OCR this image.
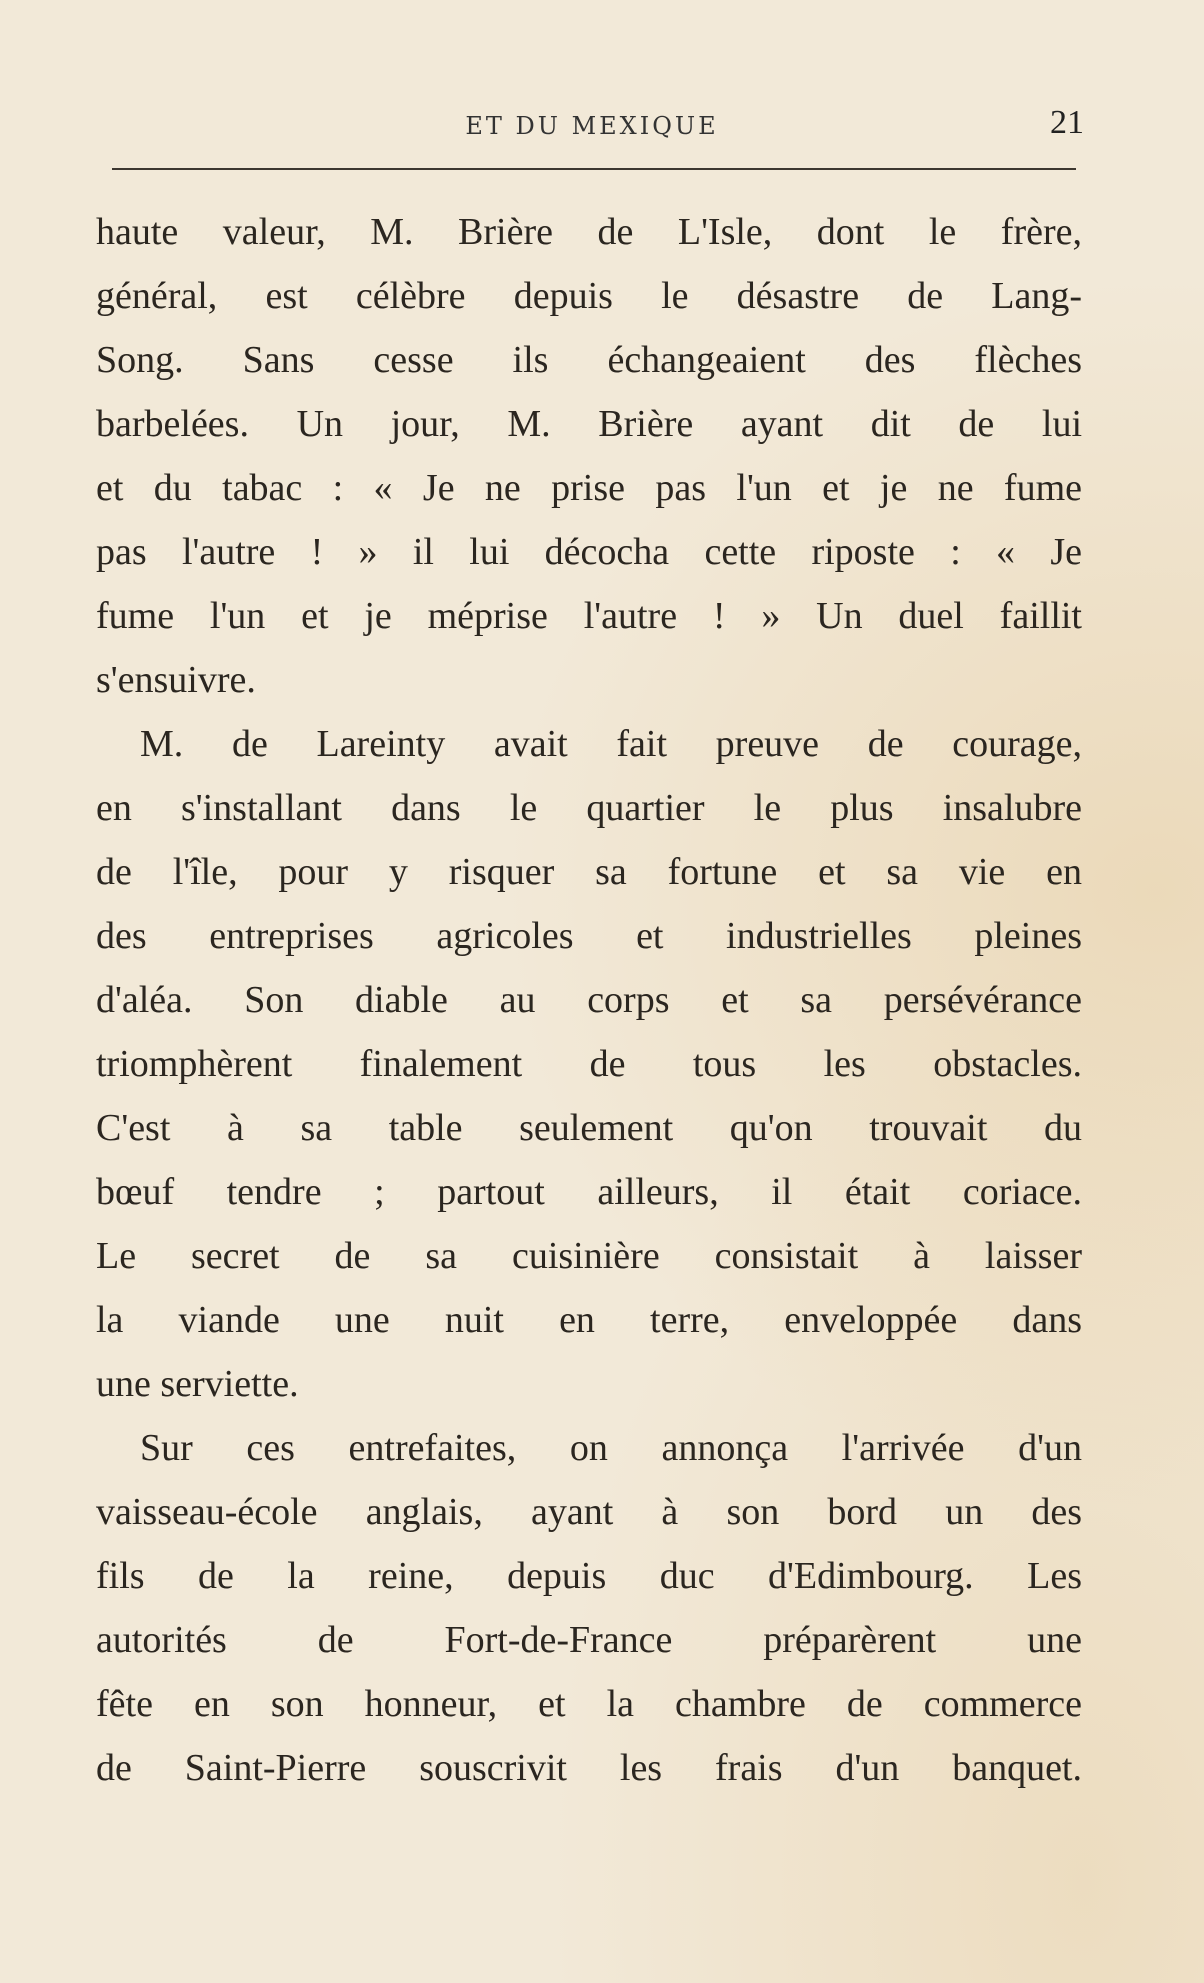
ET DU MEXIQUE	21
haute valeur, M. Brière de L'Isle, dont le frère,
général, est célèbre depuis le désastre de Lang-
Song. Sans cesse ils échangeaient des flèches
barbelées. Un jour, M. Brière ayant dit de lui
et du tabac : « Je ne prise pas l'un et je ne fume
pas l'autre ! » il lui décocha cette riposte : « Je
fume l'un et je méprise l'autre ! » Un duel faillit
s'ensuivre.
M. de Lareinty avait fait preuve de courage,
en s'installant dans le quartier le plus insalubre
de l'île, pour y risquer sa fortune et sa vie en
des entreprises agricoles et industrielles pleines
d'aléa. Son diable au corps et sa persévérance
triomphèrent finalement de tous les obstacles.
C'est à sa table seulement qu'on trouvait du
bœuf tendre ; partout ailleurs, il était coriace.
Le secret de sa cuisinière consistait à laisser
la viande une nuit en terre, enveloppée dans
une serviette.
Sur ces entrefaites, on annonça l'arrivée d'un
vaisseau-école anglais, ayant à son bord un des
fils de la reine, depuis duc d'Edimbourg. Les
autorités de Fort-de-France préparèrent une
fête en son honneur, et la chambre de commerce
de Saint-Pierre souscrivit les frais d'un banquet.
